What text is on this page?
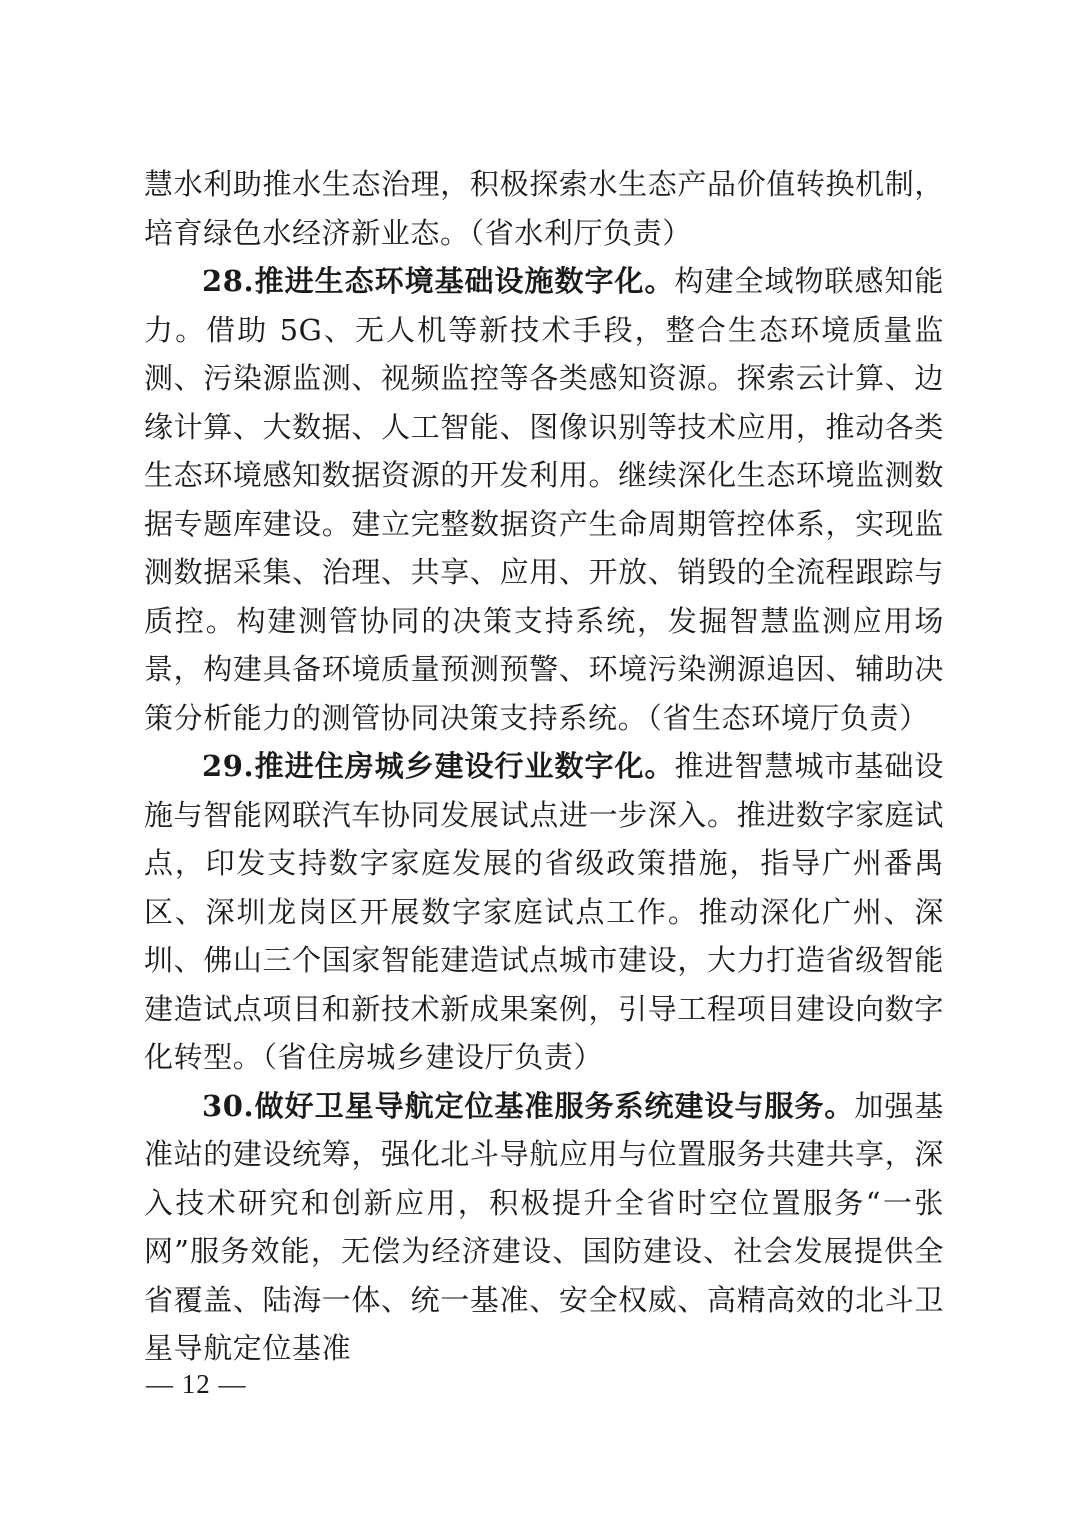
慧水利助推水生态治理，积极探索水生态产品价值转换机制，培育绿色水经济新业态。（省水利厅负责）

28.推进生态环境基础设施数字化。构建全域物联感知能力。借助 5G、无人机等新技术手段，整合生态环境质量监测、污染源监测、视频监控等各类感知资源。探索云计算、边缘计算、大数据、人工智能、图像识别等技术应用，推动各类生态环境感知数据资源的开发利用。继续深化生态环境监测数据专题库建设。建立完整数据资产生命周期管控体系，实现监测数据采集、治理、共享、应用、开放、销毁的全流程跟踪与质控。构建测管协同的决策支持系统，发掘智慧监测应用场景，构建具备环境质量预测预警、环境污染溯源追因、辅助决策分析能力的测管协同决策支持系统。（省生态环境厅负责）

29.推进住房城乡建设行业数字化。推进智慧城市基础设施与智能网联汽车协同发展试点进一步深入。推进数字家庭试点，印发支持数字家庭发展的省级政策措施，指导广州番禺区、深圳龙岗区开展数字家庭试点工作。推动深化广州、深圳、佛山三个国家智能建造试点城市建设，大力打造省级智能建造试点项目和新技术新成果案例，引导工程项目建设向数字化转型。（省住房城乡建设厅负责）

30.做好卫星导航定位基准服务系统建设与服务。加强基准站的建设统筹，强化北斗导航应用与位置服务共建共享，深入技术研究和创新应用，积极提升全省时空位置服务“一张网”服务效能，无偿为经济建设、国防建设、社会发展提供全省覆盖、陆海一体、统一基准、安全权威、高精高效的北斗卫星导航定位基准

— 12 —
